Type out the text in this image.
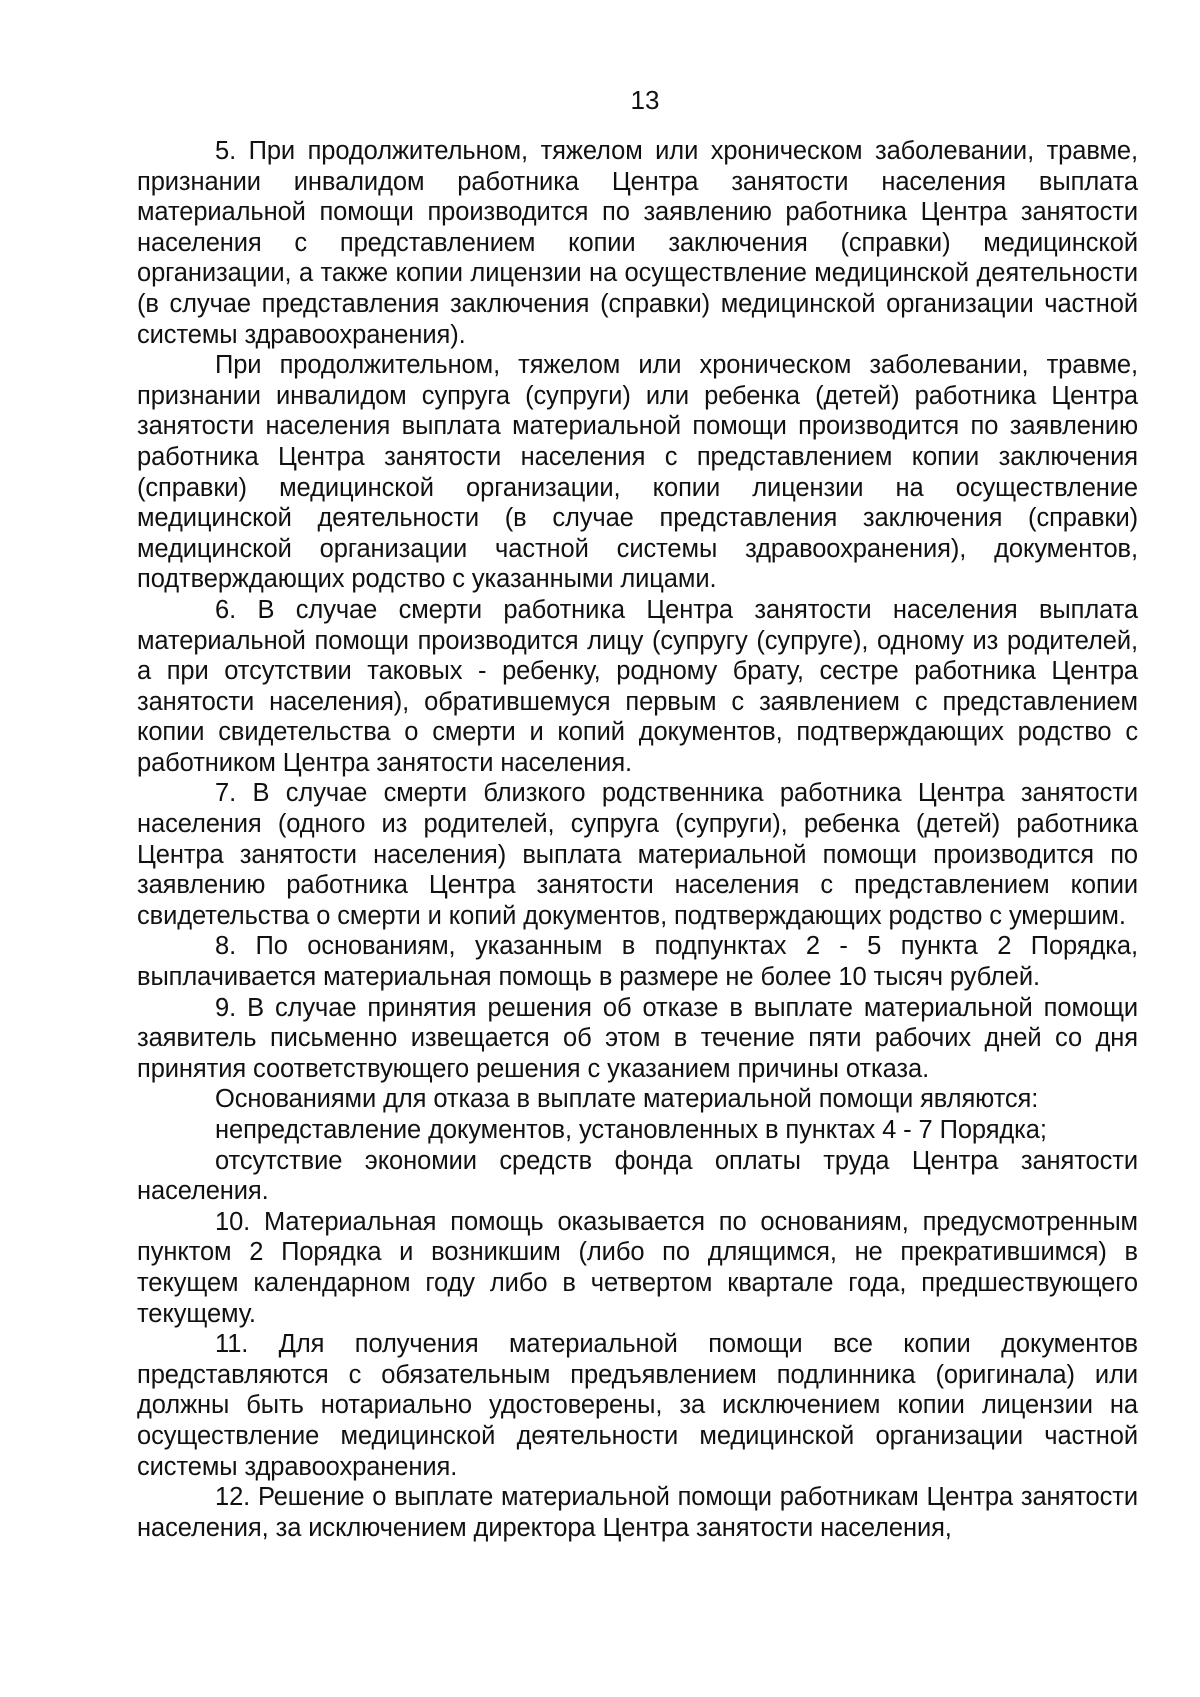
13

5. При продолжительном, тяжелом или хроническом заболевании, травме, признании инвалидом работника Центра занятости населения выплата материальной помощи производится по заявлению работника Центра занятости населения с представлением копии заключения (справки) медицинской организации, а также копии лицензии на осуществление медицинской деятельности (в случае представления заключения (справки) медицинской организации частной системы здравоохранения).

При продолжительном, тяжелом или хроническом заболевании, травме, признании инвалидом супруга (супруги) или ребенка (детей) работника Центра занятости населения выплата материальной помощи производится по заявлению работника Центра занятости населения с представлением копии заключения (справки) медицинской организации, копии лицензии на осуществление медицинской деятельности (в случае представления заключения (справки) медицинской организации частной системы здравоохранения), документов, подтверждающих родство с указанными лицами.

6. В случае смерти работника Центра занятости населения выплата материальной помощи производится лицу (супругу (супруге), одному из родителей, а при отсутствии таковых - ребенку, родному брату, сестре работника Центра занятости населения), обратившемуся первым с заявлением с представлением копии свидетельства о смерти и копий документов, подтверждающих родство с работником Центра занятости населения.

7. В случае смерти близкого родственника работника Центра занятости населения (одного из родителей, супруга (супруги), ребенка (детей) работника Центра занятости населения) выплата материальной помощи производится по заявлению работника Центра занятости населения с представлением копии свидетельства о смерти и копий документов, подтверждающих родство с умершим.

8. По основаниям, указанным в подпунктах 2 - 5 пункта 2 Порядка, выплачивается материальная помощь в размере не более 10 тысяч рублей.

9. В случае принятия решения об отказе в выплате материальной помощи заявитель письменно извещается об этом в течение пяти рабочих дней со дня принятия соответствующего решения с указанием причины отказа.

Основаниями для отказа в выплате материальной помощи являются:

непредставление документов, установленных в пунктах 4 - 7 Порядка;

отсутствие экономии средств фонда оплаты труда Центра занятости населения.

10. Материальная помощь оказывается по основаниям, предусмотренным пунктом 2 Порядка и возникшим (либо по длящимся, не прекратившимся) в текущем календарном году либо в четвертом квартале года, предшествующего текущему.

11. Для получения материальной помощи все копии документов представляются с обязательным предъявлением подлинника (оригинала) или должны быть нотариально удостоверены, за исключением копии лицензии на осуществление медицинской деятельности медицинской организации частной системы здравоохранения.

12. Решение о выплате материальной помощи работникам Центра занятости населения, за исключением директора Центра занятости населения,
